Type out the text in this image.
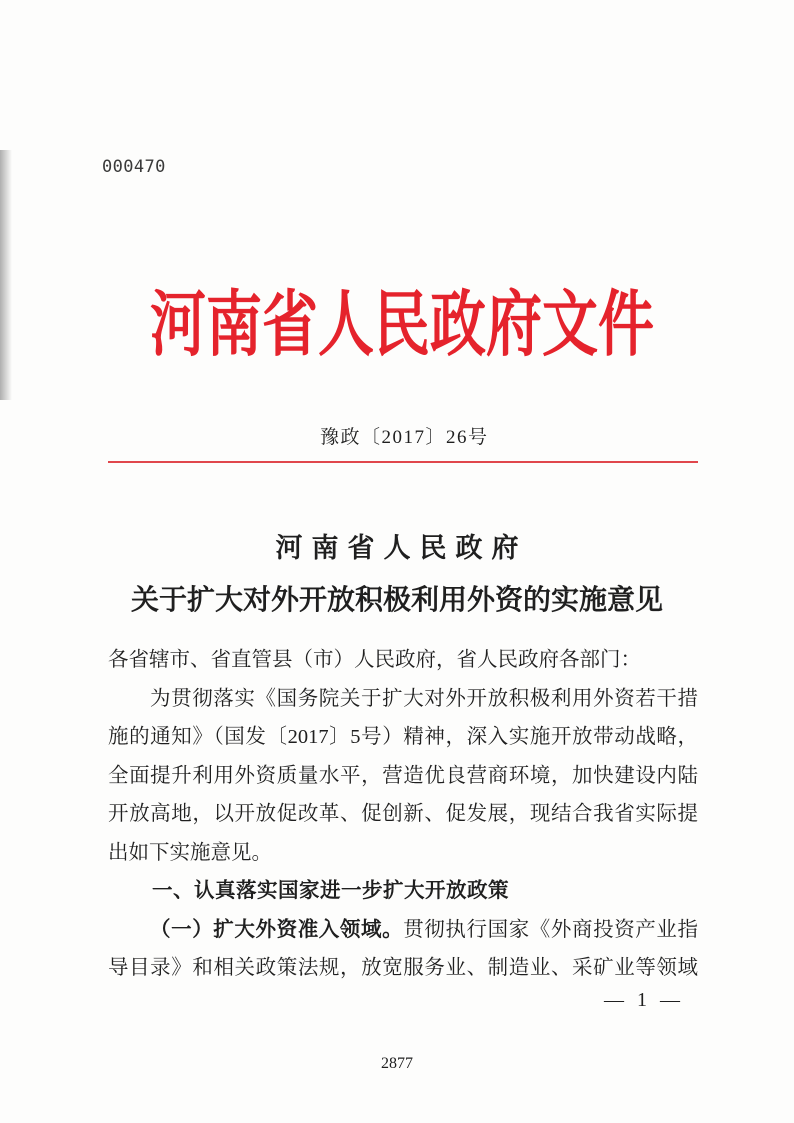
000470
河南省人民政府文件
豫政〔2017〕26号
河南省人民政府
关于扩大对外开放积极利用外资的实施意见
各省辖市、省直管县（市）人民政府，省人民政府各部门：
为贯彻落实《国务院关于扩大对外开放积极利用外资若干措
施的通知》（国发〔2017〕5号）精神，深入实施开放带动战略，
全面提升利用外资质量水平，营造优良营商环境，加快建设内陆
开放高地，以开放促改革、促创新、促发展，现结合我省实际提
出如下实施意见。
一、认真落实国家进一步扩大开放政策
（一）扩大外资准入领域。贯彻执行国家《外商投资产业指
导目录》和相关政策法规，放宽服务业、制造业、采矿业等领域
— 1 —
2877
